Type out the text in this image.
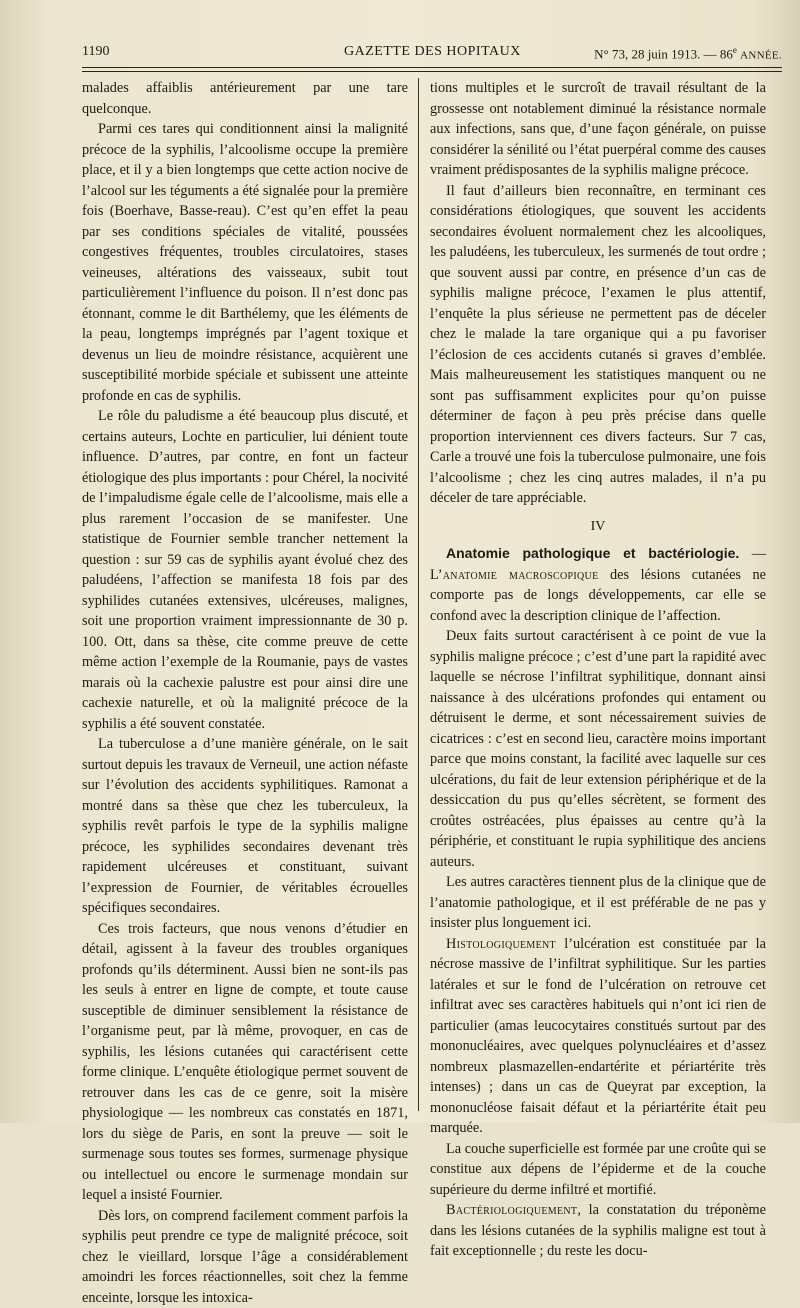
1190	GAZETTE DES HOPITAUX	N° 73, 28 juin 1913. — 86e ANNÉE.

malades affaiblis antérieurement par une tare quelconque.

Parmi ces tares qui conditionnent ainsi la malignité précoce de la syphilis, l’alcoolisme occupe la première place, et il y a bien longtemps que cette action nocive de l’alcool sur les téguments a été signalée pour la première fois (Boerhave, Basse-reau). C’est qu’en effet la peau par ses conditions spéciales de vitalité, poussées congestives fréquentes, troubles circulatoires, stases veineuses, altérations des vaisseaux, subit tout particulièrement l’influence du poison. Il n’est donc pas étonnant, comme le dit Barthélemy, que les éléments de la peau, longtemps imprégnés par l’agent toxique et devenus un lieu de moindre résistance, acquièrent une susceptibilité morbide spéciale et subissent une atteinte profonde en cas de syphilis.

Le rôle du paludisme a été beaucoup plus discuté, et certains auteurs, Lochte en particulier, lui dénient toute influence. D’autres, par contre, en font un facteur étiologique des plus importants : pour Chérel, la nocivité de l’impaludisme égale celle de l’alcoolisme, mais elle a plus rarement l’occasion de se manifester. Une statistique de Fournier semble trancher nettement la question : sur 59 cas de syphilis ayant évolué chez des paludéens, l’affection se manifesta 18 fois par des syphilides cutanées extensives, ulcéreuses, malignes, soit une proportion vraiment impressionnante de 30 p. 100. Ott, dans sa thèse, cite comme preuve de cette même action l’exemple de la Roumanie, pays de vastes marais où la cachexie palustre est pour ainsi dire une cachexie naturelle, et où la malignité précoce de la syphilis a été souvent constatée.

La tuberculose a d’une manière générale, on le sait surtout depuis les travaux de Verneuil, une action néfaste sur l’évolution des accidents syphilitiques. Ramonat a montré dans sa thèse que chez les tuberculeux, la syphilis revêt parfois le type de la syphilis maligne précoce, les syphilides secondaires devenant très rapidement ulcéreuses et constituant, suivant l’expression de Fournier, de véritables écrouelles spécifiques secondaires.

Ces trois facteurs, que nous venons d’étudier en détail, agissent à la faveur des troubles organiques profonds qu’ils déterminent. Aussi bien ne sont-ils pas les seuls à entrer en ligne de compte, et toute cause susceptible de diminuer sensiblement la résistance de l’organisme peut, par là même, provoquer, en cas de syphilis, les lésions cutanées qui caractérisent cette forme clinique. L’enquête étiologique permet souvent de retrouver dans les cas de ce genre, soit la misère physiologique — les nombreux cas constatés en 1871, lors du siège de Paris, en sont la preuve — soit le surmenage sous toutes ses formes, surmenage physique ou intellectuel ou encore le surmenage mondain sur lequel a insisté Fournier.

Dès lors, on comprend facilement comment parfois la syphilis peut prendre ce type de malignité précoce, soit chez le vieillard, lorsque l’âge a considérablement amoindri les forces réactionnelles, soit chez la femme enceinte, lorsque les intoxica-

tions multiples et le surcroît de travail résultant de la grossesse ont notablement diminué la résistance normale aux infections, sans que, d’une façon générale, on puisse considérer la sénilité ou l’état puerpéral comme des causes vraiment prédisposantes de la syphilis maligne précoce.

Il faut d’ailleurs bien reconnaître, en terminant ces considérations étiologiques, que souvent les accidents secondaires évoluent normalement chez les alcooliques, les paludéens, les tuberculeux, les surmenés de tout ordre ; que souvent aussi par contre, en présence d’un cas de syphilis maligne précoce, l’examen le plus attentif, l’enquête la plus sérieuse ne permettent pas de déceler chez le malade la tare organique qui a pu favoriser l’éclosion de ces accidents cutanés si graves d’emblée. Mais malheureusement les statistiques manquent ou ne sont pas suffisamment explicites pour qu’on puisse déterminer de façon à peu près précise dans quelle proportion interviennent ces divers facteurs. Sur 7 cas, Carle a trouvé une fois la tuberculose pulmonaire, une fois l’alcoolisme ; chez les cinq autres malades, il n’a pu déceler de tare appréciable.

IV

Anatomie pathologique et bactériologie. — L’anatomie macroscopique des lésions cutanées ne comporte pas de longs développements, car elle se confond avec la description clinique de l’affection.

Deux faits surtout caractérisent à ce point de vue la syphilis maligne précoce ; c’est d’une part la rapidité avec laquelle se nécrose l’infiltrat syphilitique, donnant ainsi naissance à des ulcérations profondes qui entament ou détruisent le derme, et sont nécessairement suivies de cicatrices : c’est en second lieu, caractère moins important parce que moins constant, la facilité avec laquelle sur ces ulcérations, du fait de leur extension périphérique et de la dessiccation du pus qu’elles sécrètent, se forment des croûtes ostréacées, plus épaisses au centre qu’à la périphérie, et constituant le rupia syphilitique des anciens auteurs.

Les autres caractères tiennent plus de la clinique que de l’anatomie pathologique, et il est préférable de ne pas y insister plus longuement ici.

Histologiquement l’ulcération est constituée par la nécrose massive de l’infiltrat syphilitique. Sur les parties latérales et sur le fond de l’ulcération on retrouve cet infiltrat avec ses caractères habituels qui n’ont ici rien de particulier (amas leucocytaires constitués surtout par des mononucléaires, avec quelques polynucléaires et d’assez nombreux plasmazellen-endartérite et périartérite très intenses) ; dans un cas de Queyrat par exception, la mononucléose faisait défaut et la périartérite était peu marquée.

La couche superficielle est formée par une croûte qui se constitue aux dépens de l’épiderme et de la couche supérieure du derme infiltré et mortifié.

Bactériologiquement, la constatation du tréponème dans les lésions cutanées de la syphilis maligne est tout à fait exceptionnelle ; du reste les docu-
